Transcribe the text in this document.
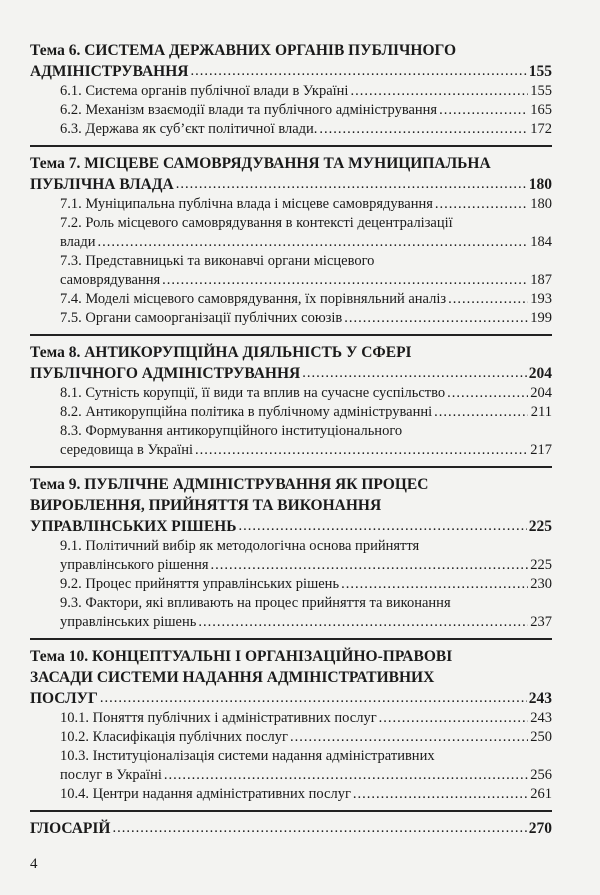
Тема 6. СИСТЕМА ДЕРЖАВНИХ ОРГАНІВ ПУБЛІЧНОГО
АДМІНІСТРУВАННЯ .....	155
6.1. Система органів публічної влади в Україні .....	155
6.2. Механізм взаємодії влади та публічного адміністрування .....	165
6.3. Держава як суб’єкт політичної влади. .....	172
Тема 7. МІСЦЕВЕ САМОВРЯДУВАННЯ ТА МУНИЦИПАЛЬНА
ПУБЛІЧНА ВЛАДА .....	180
7.1. Муніципальна публічна влада і місцеве самоврядування .....	180
7.2. Роль місцевого самоврядування в контексті децентралізації
влади .....	184
7.3. Представницькі та виконавчі органи місцевого
самоврядування .....	187
7.4. Моделі місцевого самоврядування, їх порівняльний аналіз .....	193
7.5. Органи самоорганізації публічних союзів .....	199
Тема 8. АНТИКОРУПЦІЙНА ДІЯЛЬНІСТЬ У СФЕРІ
ПУБЛІЧНОГО АДМІНІСТРУВАННЯ .....	204
8.1. Сутність корупції, її види та вплив на сучасне суспільство .....	204
8.2. Антикорупційна політика в публічному адмініструванні .....	211
8.3. Формування антикорупційного інституціонального
середовища в Україні .....	217
Тема 9. ПУБЛІЧНЕ АДМІНІСТРУВАННЯ ЯК ПРОЦЕС
ВИРОБЛЕННЯ, ПРИЙНЯТТЯ ТА ВИКОНАННЯ
УПРАВЛІНСЬКИХ РІШЕНЬ .....	225
9.1. Політичний вибір як методологічна основа прийняття
управлінського рішення .....	225
9.2. Процес прийняття управлінських рішень .....	230
9.3. Фактори, які впливають на процес прийняття та виконання
управлінських рішень .....	237
Тема 10. КОНЦЕПТУАЛЬНІ І ОРГАНІЗАЦІЙНО-ПРАВОВІ
ЗАСАДИ СИСТЕМИ НАДАННЯ АДМІНІСТРАТИВНИХ
ПОСЛУГ .....	243
10.1. Поняття публічних і адміністративних послуг .....	243
10.2. Класифікація публічних послуг .....	250
10.3. Інституціоналізація системи надання адміністративних
послуг в Україні .....	256
10.4. Центри надання адміністративних послуг .....	261
ГЛОСАРІЙ .....	270
4
